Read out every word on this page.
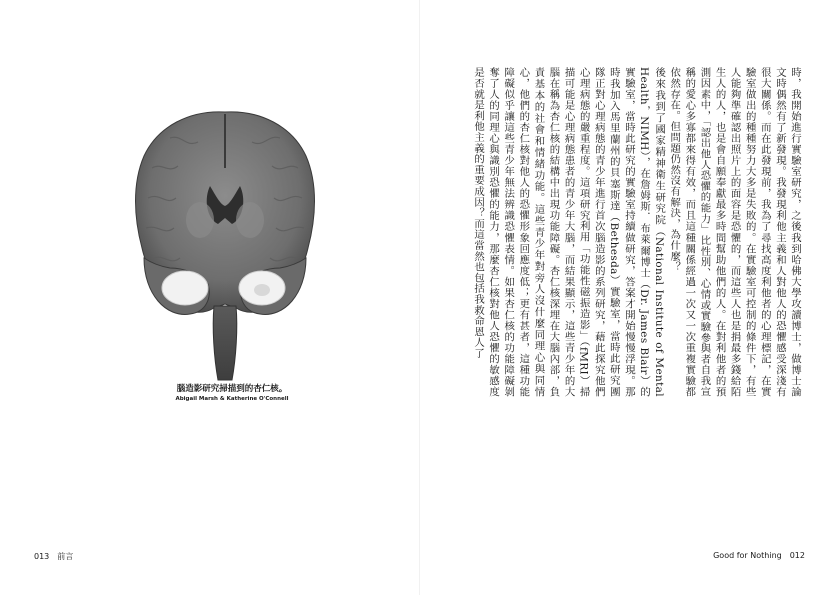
腦造影研究掃描到的杏仁核。
Abigail Marsh & Katherine O'Connell
013 前言

時，我開始進行實驗室研究，之後我到哈佛大學攻讀博士，做博士論文時偶然有了新發現。我發現利他主義和人對他人的恐懼感受深淺有很大關係。而在此發現前，我為了尋找高度利他者的心理標記，在實驗室做出的種種努力大多是失敗的。在實驗室可控制的條件下，有些人能夠準確認出照片上的面容是恐懼的，而這些人也是捐最多錢給陌生人的人，也是會自願奉獻最多時間幫助他們的人。在對利他者的預測因素中，「認出他人恐懼的能力」比性別、心情或實驗參與者自我宣稱的愛心多寡都來得有效，而且這種關係經過一次又一次重複實驗都依然存在。但問題仍然沒有解決，為什麼？

後來我到了國家精神衛生研究院（National Institute of Mental Health，NIMH），在詹姆斯．布萊爾博士（Dr. James Blair）的實驗室，當時此研究的實驗室持續做研究，答案才開始慢慢浮現。那時我加入馬里蘭州的貝塞斯達（Bethesda）實驗室，當時此研究團隊正對心理病態的青少年進行首次腦造影的系列研究，藉此探究他們心理病態的嚴重程度。這項研究利用「功能性磁振造影」（fMRI）掃描可能是心理病態患者的青少年大腦，而結果顯示，這些青少年的大腦在稱為杏仁核的結構中出現功能障礙。杏仁核深埋在大腦內部，負責基本的社會和情緒功能。這些青少年對旁人沒什麼同理心與同情心，他們的杏仁核對他人的恐懼形象回應度低；更有甚者，這種功能障礙似乎讓這些青少年無法辨識恐懼表情。如果杏仁核的功能障礙剝奪了人的同理心與識別恐懼的能力，那麼杏仁核對他人恐懼的敏感度是否就是利他主義的重要成因？而這當然也包括我救命恩人了

Good for Nothing 012
